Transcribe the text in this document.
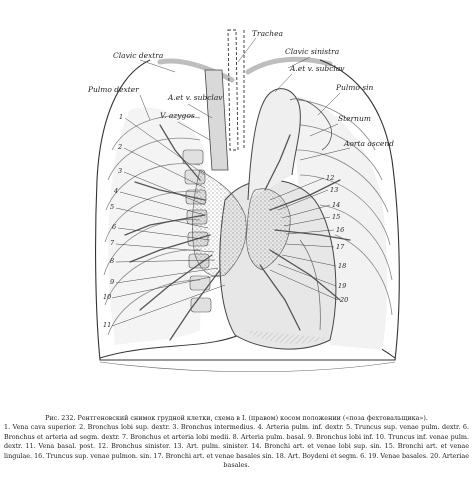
Trachea
Clavic dextra	Clavic sinistra
A.et v. subclav
Pulmo dexter
A.et v. subclav
V. azygos
Pulmo sin
Sternum
Aorta ascend
1
2
3
4
5
6
7
8
9
10
11
12
13
14
15
16
17
18
19
20
Рис. 232. Рентгеновский снимок грудной клетки, схема в I. (правом) косом положении («поза фехтовальщика»).
1. Vena cava superior. 2. Bronchus lobi sup. dextr. 3. Bronchus intermedius. 4. Arteria pulm. inf. dextr. 5. Truncus sup. venae pulm. dextr. 6. Bronchus et arteria ad segm. dextr. 7. Bronchus et arteria lobi medii. 8. Arteria pulm. basal. 9. Bronchus lobi inf. 10. Truncus inf. venae pulm. dextr. 11. Vena basal. post. 12. Bronchus sinister. 13. Art. pulm. sinister. 14. Bronchi art. et venae lobi sup. sin. 15. Bronchi art. et venae lingulae. 16. Truncus sup. venae pulmon. sin. 17. Bronchi art. et venae basales sin. 18. Art. Boydeni et segm. 6. 19. Venae basales. 20. Arteriae basales.
